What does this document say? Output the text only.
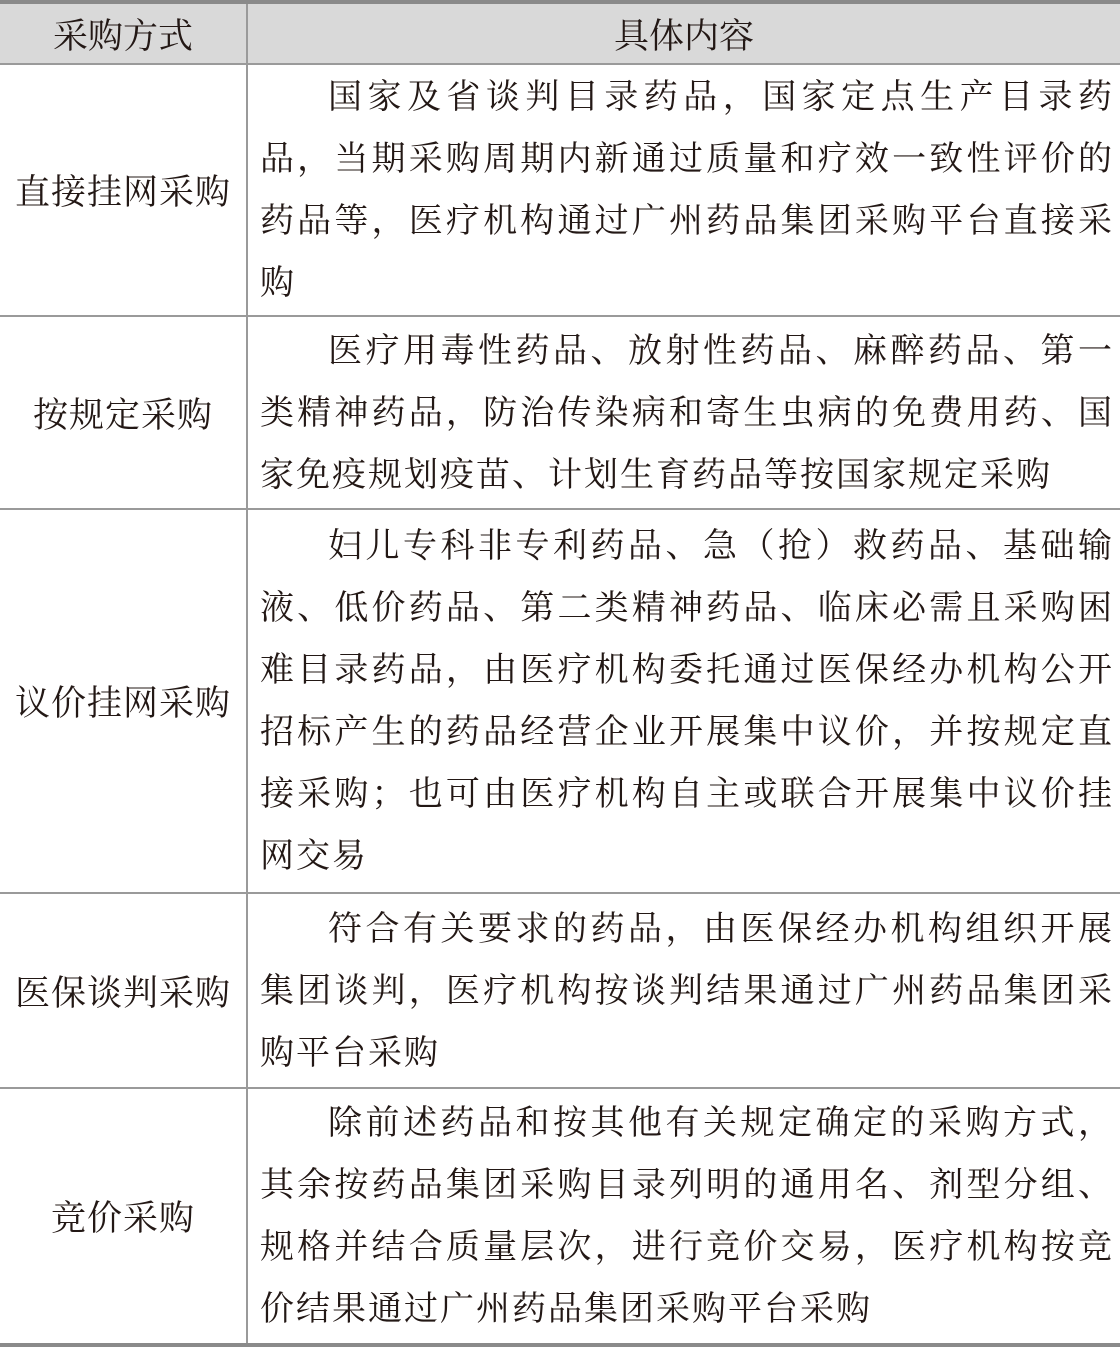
采购方式	具体内容
直接挂网采购	国家及省谈判目录药品，国家定点生产目录药品，当期采购周期内新通过质量和疗效一致性评价的药品等，医疗机构通过广州药品集团采购平台直接采购
按规定采购	医疗用毒性药品、放射性药品、麻醉药品、第一类精神药品，防治传染病和寄生虫病的免费用药、国家免疫规划疫苗、计划生育药品等按国家规定采购
议价挂网采购	妇儿专科非专利药品、急（抢）救药品、基础输液、低价药品、第二类精神药品、临床必需且采购困难目录药品，由医疗机构委托通过医保经办机构公开招标产生的药品经营企业开展集中议价，并按规定直接采购；也可由医疗机构自主或联合开展集中议价挂网交易
医保谈判采购	符合有关要求的药品，由医保经办机构组织开展集团谈判，医疗机构按谈判结果通过广州药品集团采购平台采购
竞价采购	除前述药品和按其他有关规定确定的采购方式，其余按药品集团采购目录列明的通用名、剂型分组、规格并结合质量层次，进行竞价交易，医疗机构按竞价结果通过广州药品集团采购平台采购
